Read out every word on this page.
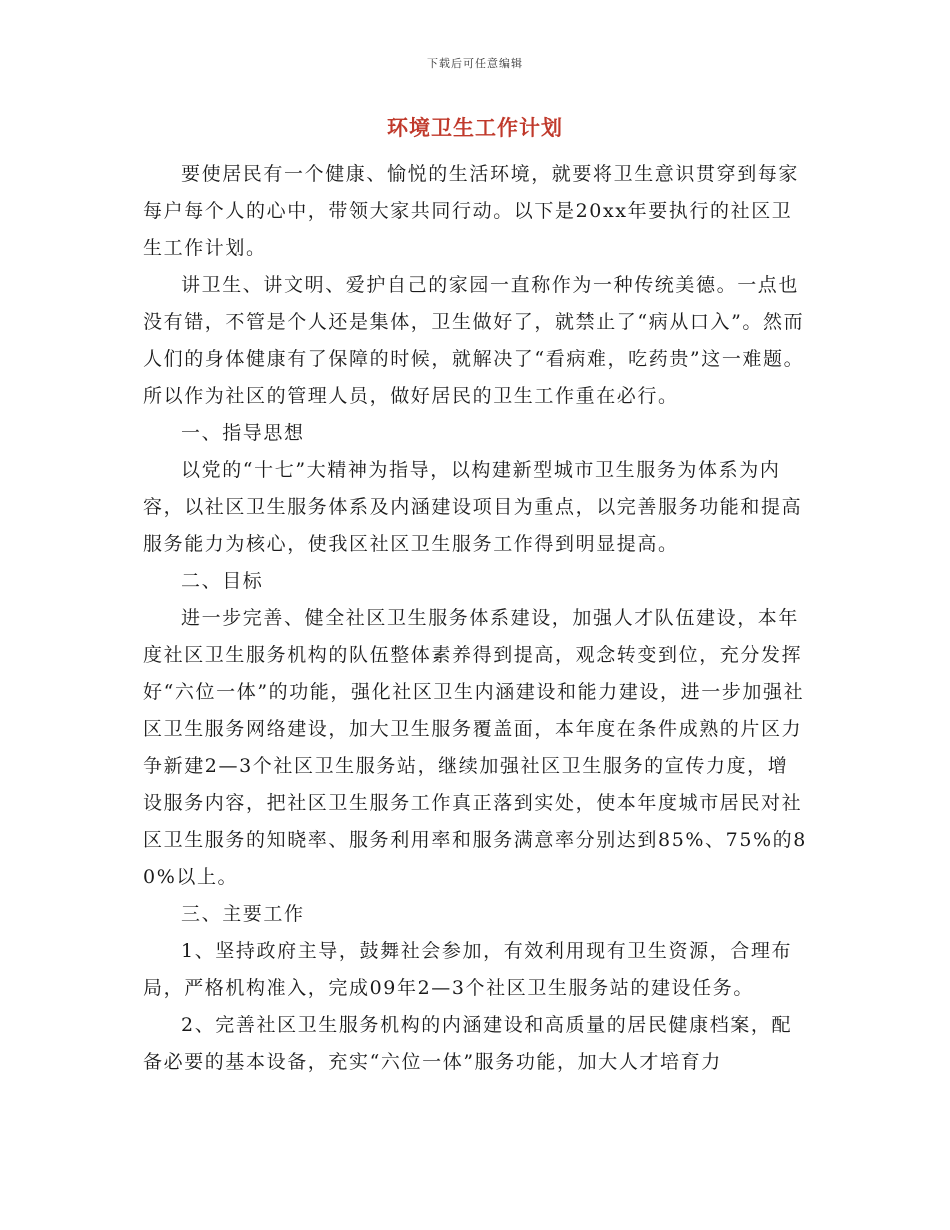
下载后可任意编辑
环境卫生工作计划

要使居民有一个健康、愉悦的生活环境，就要将卫生意识贯穿到每家每户每个人的心中，带领大家共同行动。以下是20xx年要执行的社区卫生工作计划。

讲卫生、讲文明、爱护自己的家园一直称作为一种传统美德。一点也没有错，不管是个人还是集体，卫生做好了，就禁止了“病从口入”。然而人们的身体健康有了保障的时候，就解决了“看病难，吃药贵”这一难题。所以作为社区的管理人员，做好居民的卫生工作重在必行。

一、指导思想

以党的“十七”大精神为指导，以构建新型城市卫生服务为体系为内容，以社区卫生服务体系及内涵建设项目为重点，以完善服务功能和提高服务能力为核心，使我区社区卫生服务工作得到明显提高。

二、目标

进一步完善、健全社区卫生服务体系建设，加强人才队伍建设，本年度社区卫生服务机构的队伍整体素养得到提高，观念转变到位，充分发挥好“六位一体”的功能，强化社区卫生内涵建设和能力建设，进一步加强社区卫生服务网络建设，加大卫生服务覆盖面，本年度在条件成熟的片区力争新建2—3个社区卫生服务站，继续加强社区卫生服务的宣传力度，增设服务内容，把社区卫生服务工作真正落到实处，使本年度城市居民对社区卫生服务的知晓率、服务利用率和服务满意率分别达到85%、75%的80%以上。

三、主要工作

1、坚持政府主导，鼓舞社会参加，有效利用现有卫生资源，合理布局，严格机构准入，完成09年2—3个社区卫生服务站的建设任务。

2、完善社区卫生服务机构的内涵建设和高质量的居民健康档案，配备必要的基本设备，充实“六位一体”服务功能，加大人才培育力
